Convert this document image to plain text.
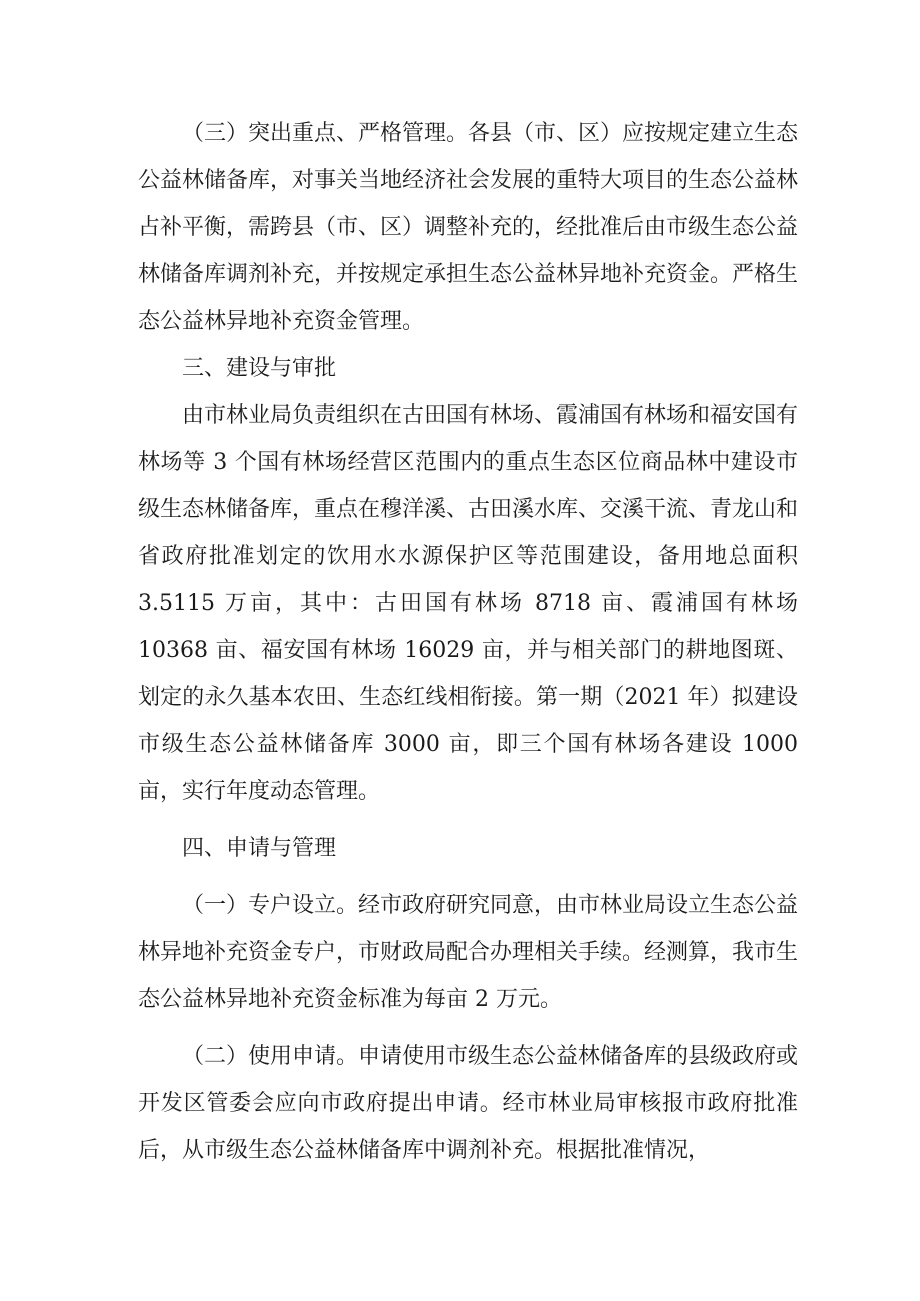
（三）突出重点、严格管理。各县（市、区）应按规定建立生态公益林储备库，对事关当地经济社会发展的重特大项目的生态公益林占补平衡，需跨县（市、区）调整补充的，经批准后由市级生态公益林储备库调剂补充，并按规定承担生态公益林异地补充资金。严格生态公益林异地补充资金管理。

三、建设与审批

由市林业局负责组织在古田国有林场、霞浦国有林场和福安国有林场等 3 个国有林场经营区范围内的重点生态区位商品林中建设市级生态林储备库，重点在穆洋溪、古田溪水库、交溪干流、青龙山和省政府批准划定的饮用水水源保护区等范围建设，备用地总面积 3.5115 万亩，其中：古田国有林场 8718 亩、霞浦国有林场 10368 亩、福安国有林场 16029 亩，并与相关部门的耕地图斑、划定的永久基本农田、生态红线相衔接。第一期（2021 年）拟建设市级生态公益林储备库 3000 亩，即三个国有林场各建设 1000 亩，实行年度动态管理。

四、申请与管理

（一）专户设立。经市政府研究同意，由市林业局设立生态公益林异地补充资金专户，市财政局配合办理相关手续。经测算，我市生态公益林异地补充资金标准为每亩 2 万元。

（二）使用申请。申请使用市级生态公益林储备库的县级政府或开发区管委会应向市政府提出申请。经市林业局审核报市政府批准后，从市级生态公益林储备库中调剂补充。根据批准情况，
